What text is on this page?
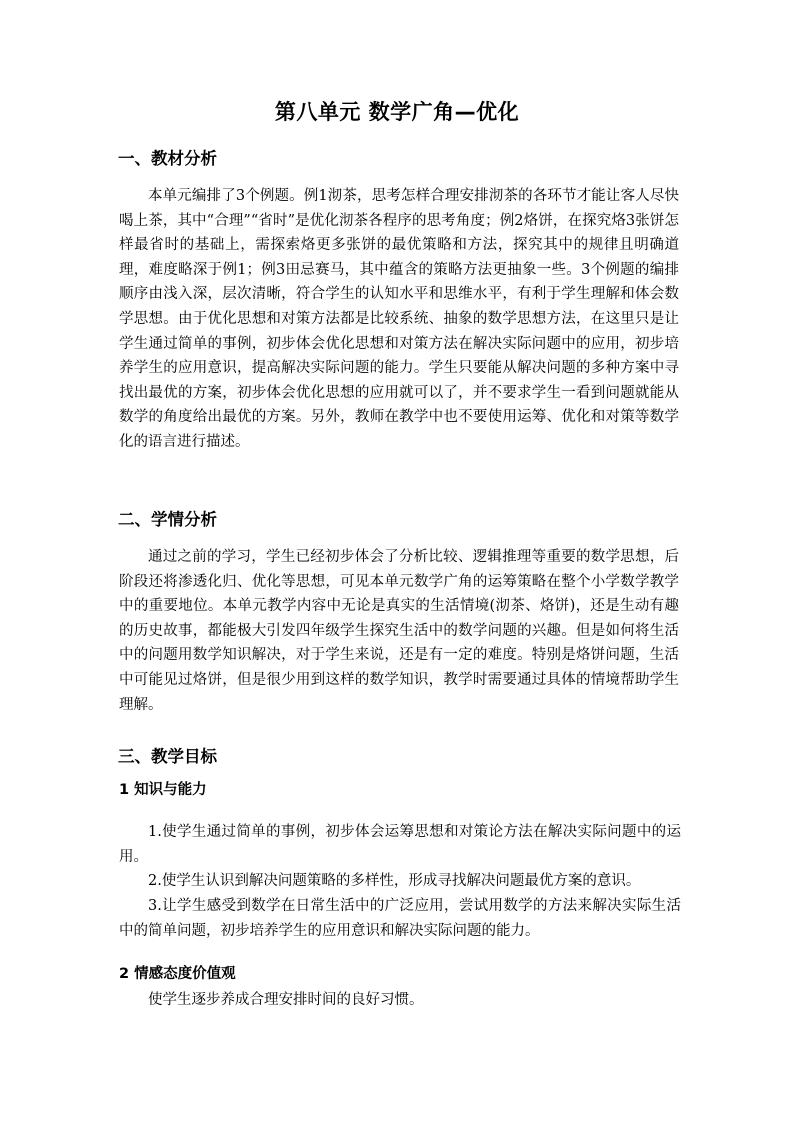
第八单元 数学广角—优化
一、教材分析

本单元编排了3个例题。例1沏茶，思考怎样合理安排沏茶的各环节才能让客人尽快喝上茶，其中“合理”“省时”是优化沏茶各程序的思考角度；例2烙饼，在探究烙3张饼怎样最省时的基础上，需探索烙更多张饼的最优策略和方法，探究其中的规律且明确道理，难度略深于例1；例3田忌赛马，其中蕴含的策略方法更抽象一些。3个例题的编排顺序由浅入深，层次清晰，符合学生的认知水平和思维水平，有利于学生理解和体会数学思想。由于优化思想和对策方法都是比较系统、抽象的数学思想方法，在这里只是让学生通过简单的事例，初步体会优化思想和对策方法在解决实际问题中的应用，初步培养学生的应用意识，提高解决实际问题的能力。学生只要能从解决问题的多种方案中寻找出最优的方案，初步体会优化思想的应用就可以了，并不要求学生一看到问题就能从数学的角度给出最优的方案。另外，教师在教学中也不要使用运筹、优化和对策等数学化的语言进行描述。

二、学情分析

通过之前的学习，学生已经初步体会了分析比较、逻辑推理等重要的数学思想，后阶段还将渗透化归、优化等思想，可见本单元数学广角的运筹策略在整个小学数学教学中的重要地位。本单元教学内容中无论是真实的生活情境(沏茶、烙饼)，还是生动有趣的历史故事，都能极大引发四年级学生探究生活中的数学问题的兴趣。但是如何将生活中的问题用数学知识解决，对于学生来说，还是有一定的难度。特别是烙饼问题，生活中可能见过烙饼，但是很少用到这样的数学知识，教学时需要通过具体的情境帮助学生理解。

三、教学目标
1 知识与能力

1.使学生通过简单的事例，初步体会运筹思想和对策论方法在解决实际问题中的运用。

2.使学生认识到解决问题策略的多样性，形成寻找解决问题最优方案的意识。

3.让学生感受到数学在日常生活中的广泛应用，尝试用数学的方法来解决实际生活中的简单问题，初步培养学生的应用意识和解决实际问题的能力。

2 情感态度价值观

使学生逐步养成合理安排时间的良好习惯。
